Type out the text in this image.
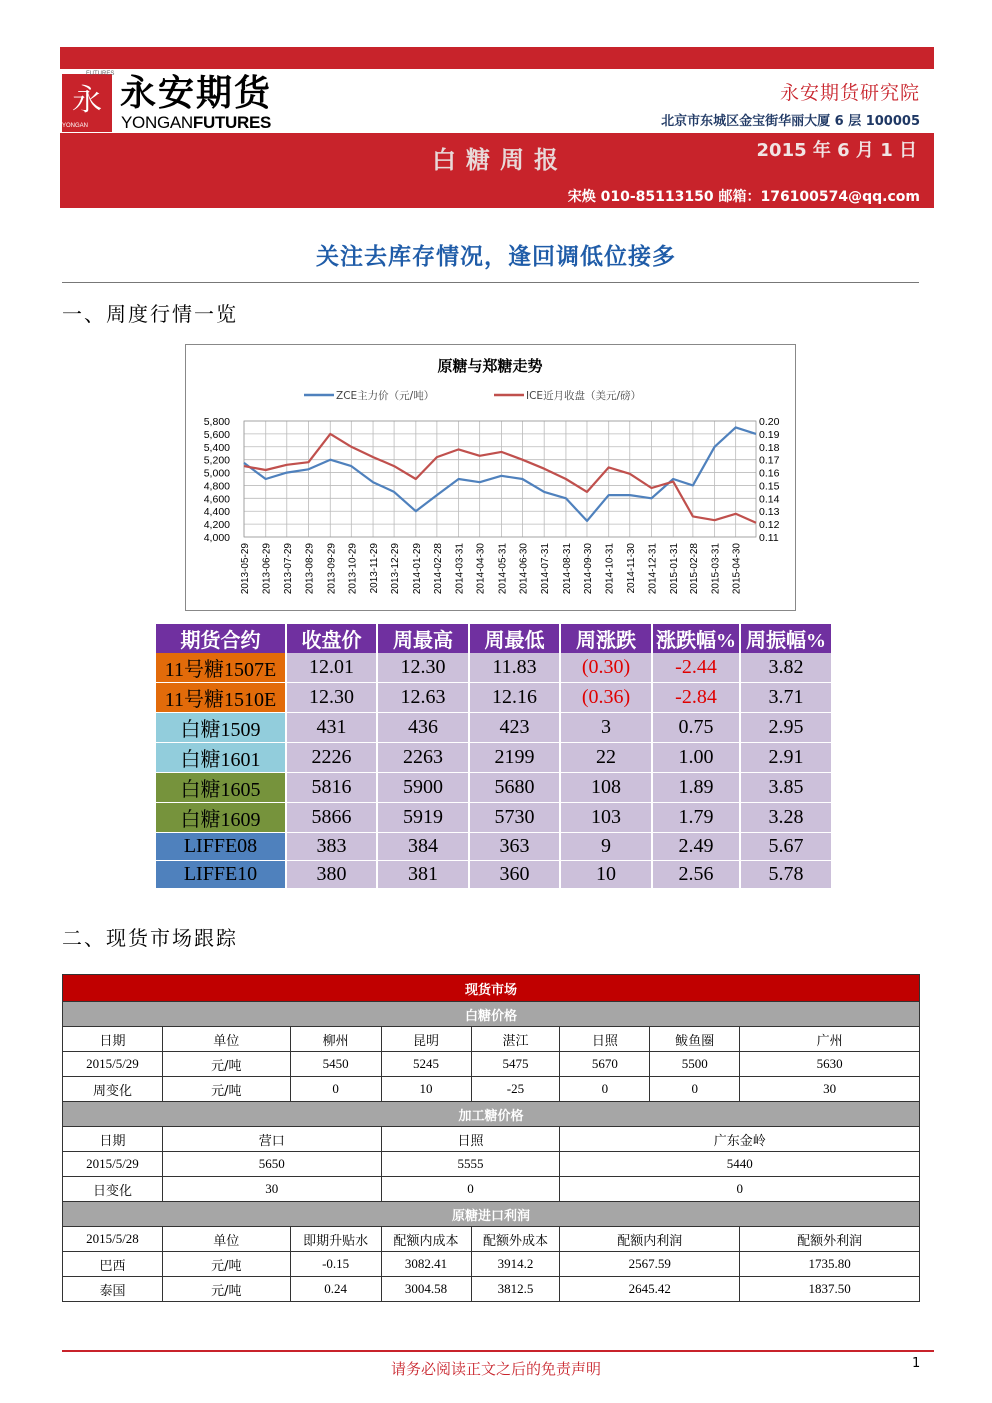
永
FUTURES
YONGAN
永安期货
YONGANFUTURES
永安期货研究院
北京市东城区金宝街华丽大厦 6 层 100005
白糖周报	2015 年 6 月 1 日
宋焕 010-85113150 邮箱：176100574@qq.com
关注去库存情况，逢回调低位接多
一、周度行情一览
原糖与郑糖走势
ZCE主力价（元/吨）	ICE近月收盘（美元/磅）
5,800
5,600
5,400
5,200
5,000
4,800
4,600
4,400
4,200
4,000
0.20
0.19
0.18
0.17
0.16
0.15
0.14
0.13
0.12
0.11
2013-05-29 2013-06-29 2013-07-29 2013-08-29 2013-09-29 2013-10-29 2013-11-29 2013-12-29 2014-01-29 2014-02-28 2014-03-31 2014-04-30 2014-05-31 2014-06-30 2014-07-31 2014-08-31 2014-09-30 2014-10-31 2014-11-30 2014-12-31 2015-01-31 2015-02-28 2015-03-31 2015-04-30
期货合约	收盘价	周最高	周最低	周涨跌	涨跌幅%	周振幅%
11号糖1507E	12.01	12.30	11.83	(0.30)	-2.44	3.82
11号糖1510E	12.30	12.63	12.16	(0.36)	-2.84	3.71
白糖1509	431	436	423	3	0.75	2.95
白糖1601	2226	2263	2199	22	1.00	2.91
白糖1605	5816	5900	5680	108	1.89	3.85
白糖1609	5866	5919	5730	103	1.79	3.28
LIFFE08	383	384	363	9	2.49	5.67
LIFFE10	380	381	360	10	2.56	5.78
二、现货市场跟踪
现货市场							
白糖价格							
日期	单位	柳州	昆明	湛江	日照	鲅鱼圈	广州
2015/5/29	元/吨	5450	5245	5475	5670	5500	5630
周变化	元/吨	0	10	-25	0	0	30
加工糖价格							
日期	营口		日照		广东金岭		
2015/5/29	5650		5555		5440		
日变化	30		0		0		
原糖进口利润							
2015/5/28	单位	即期升贴水	配额内成本	配额外成本	配额内利润		配额外利润
巴西	元/吨	-0.15	3082.41	3914.2	2567.59		1735.80
泰国	元/吨	0.24	3004.58	3812.5	2645.42		1837.50
请务必阅读正文之后的免责声明	1
